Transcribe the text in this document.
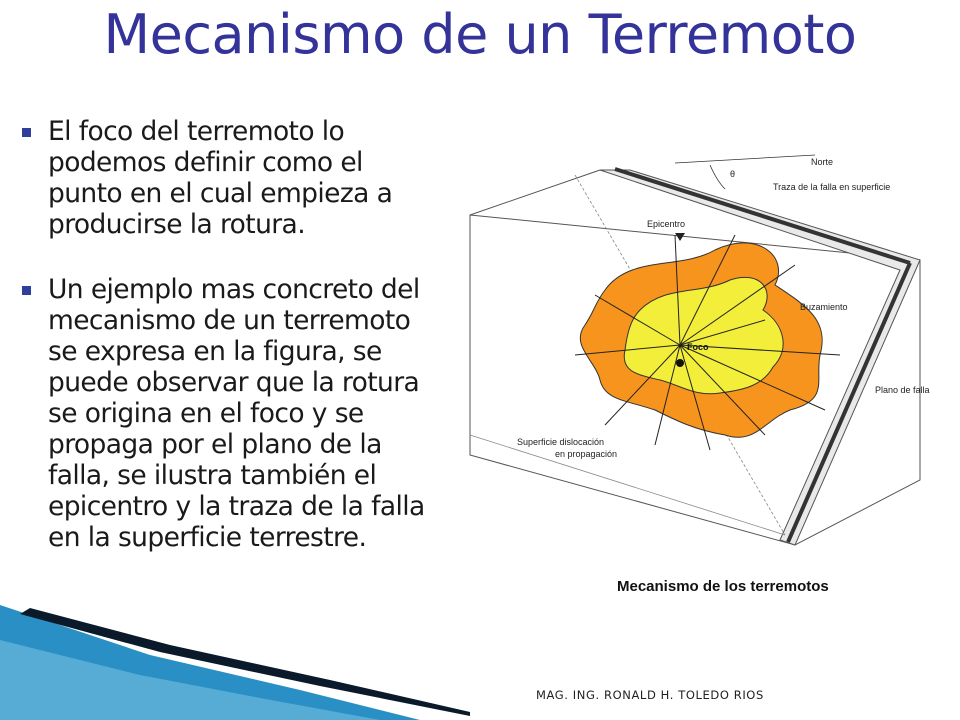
Mecanismo de un Terremoto
El foco del terremoto lo podemos definir como el punto en el cual empieza a producirse la rotura.
Un ejemplo mas concreto del mecanismo de un terremoto se expresa en la figura, se puede observar que la rotura se origina en el foco y se propaga por el plano de la falla, se ilustra también el epicentro y la traza de la falla en la superficie terrestre.
Norte
θ
Traza de la falla en superficie
Epicentro
Buzamiento
Foco
Plano de falla
Superficie dislocación
en propagación
Mecanismo de los terremotos
MAG. ING. RONALD H. TOLEDO RIOS
